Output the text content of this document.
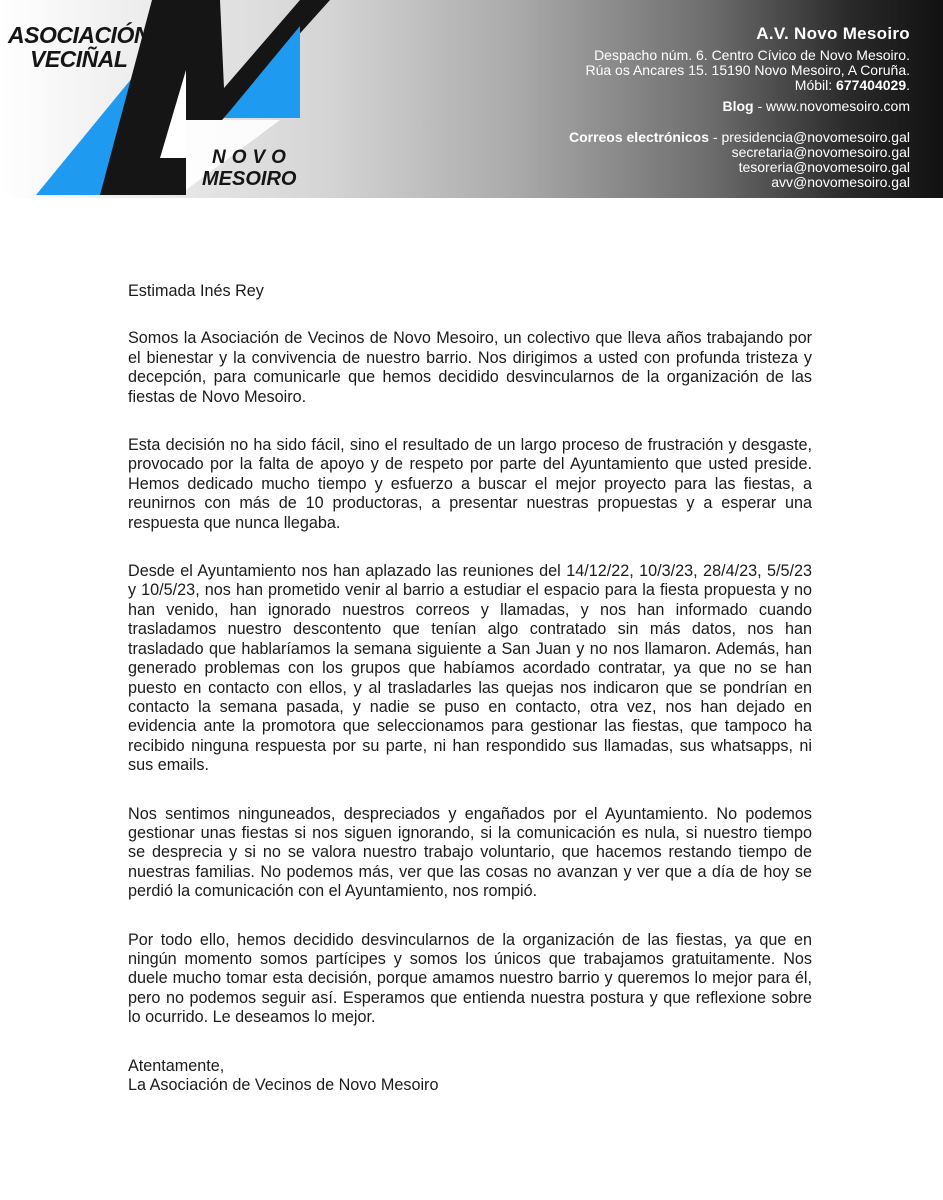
ASOCIACIÓN
VECIÑAL
NOVO
MESOIRO
A.V. Novo Mesoiro
Despacho núm. 6. Centro Cívico de Novo Mesoiro.
Rúa os Ancares 15. 15190 Novo Mesoiro, A Coruña.
Móbil: 677404029.
Blog - www.novomesoiro.com
Correos electrónicos - presidencia@novomesoiro.gal
secretaria@novomesoiro.gal
tesoreria@novomesoiro.gal
avv@novomesoiro.gal

Estimada Inés Rey

Somos la Asociación de Vecinos de Novo Mesoiro, un colectivo que lleva años trabajando por el bienestar y la convivencia de nuestro barrio. Nos dirigimos a usted con profunda tristeza y decepción, para comunicarle que hemos decidido desvincularnos de la organización de las fiestas de Novo Mesoiro.

Esta decisión no ha sido fácil, sino el resultado de un largo proceso de frustración y desgaste, provocado por la falta de apoyo y de respeto por parte del Ayuntamiento que usted preside. Hemos dedicado mucho tiempo y esfuerzo a buscar el mejor proyecto para las fiestas, a reunirnos con más de 10 productoras, a presentar nuestras propuestas y a esperar una respuesta que nunca llegaba.

Desde el Ayuntamiento nos han aplazado las reuniones del 14/12/22, 10/3/23, 28/4/23, 5/5/23 y 10/5/23, nos han prometido venir al barrio a estudiar el espacio para la fiesta propuesta y no han venido, han ignorado nuestros correos y llamadas, y nos han informado cuando trasladamos nuestro descontento que tenían algo contratado sin más datos, nos han trasladado que hablaríamos la semana siguiente a San Juan y no nos llamaron. Además, han generado problemas con los grupos que habíamos acordado contratar, ya que no se han puesto en contacto con ellos, y al trasladarles las quejas nos indicaron que se pondrían en contacto la semana pasada, y nadie se puso en contacto, otra vez, nos han dejado en evidencia ante la promotora que seleccionamos para gestionar las fiestas, que tampoco ha recibido ninguna respuesta por su parte, ni han respondido sus llamadas, sus whatsapps, ni sus emails.

Nos sentimos ninguneados, despreciados y engañados por el Ayuntamiento. No podemos gestionar unas fiestas si nos siguen ignorando, si la comunicación es nula, si nuestro tiempo se desprecia y si no se valora nuestro trabajo voluntario, que hacemos restando tiempo de nuestras familias. No podemos más, ver que las cosas no avanzan y ver que a día de hoy se perdió la comunicación con el Ayuntamiento, nos rompió.

Por todo ello, hemos decidido desvincularnos de la organización de las fiestas, ya que en ningún momento somos partícipes y somos los únicos que trabajamos gratuitamente. Nos duele mucho tomar esta decisión, porque amamos nuestro barrio y queremos lo mejor para él, pero no podemos seguir así. Esperamos que entienda nuestra postura y que reflexione sobre lo ocurrido. Le deseamos lo mejor.

Atentamente,

La Asociación de Vecinos de Novo Mesoiro
